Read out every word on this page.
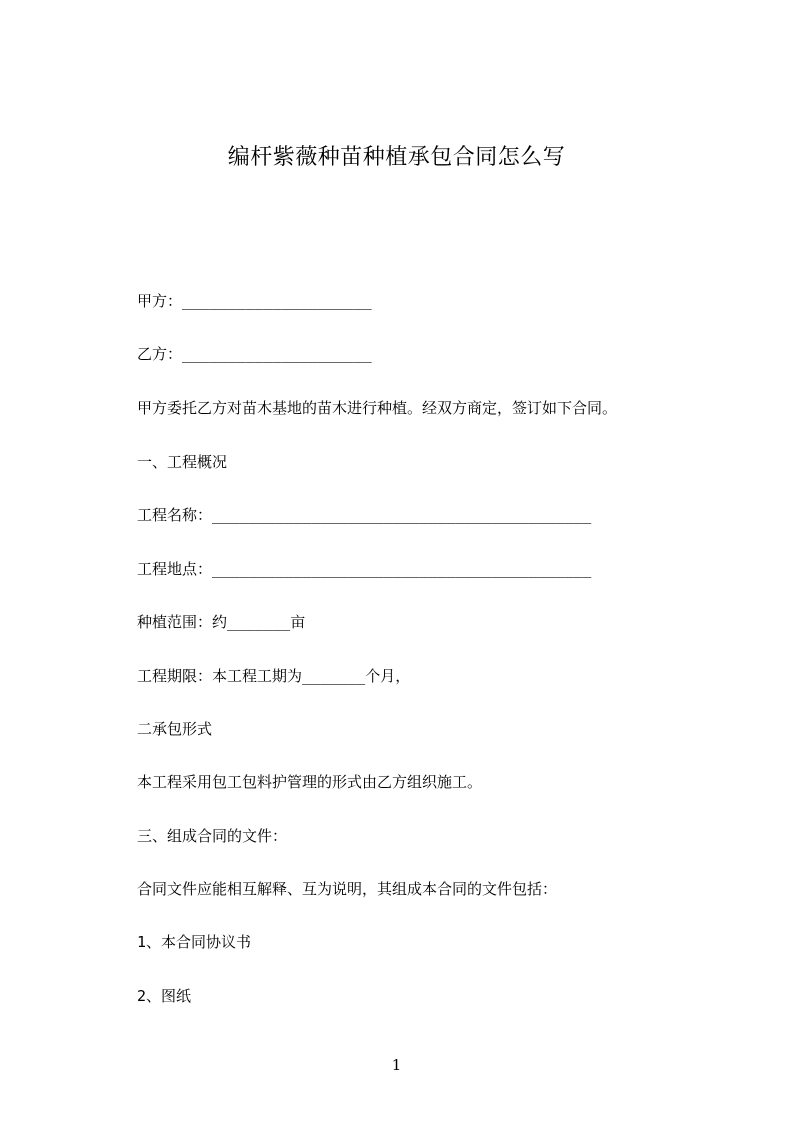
编杆紫薇种苗种植承包合同怎么写
甲方：_____________________
乙方：_____________________
甲方委托乙方对苗木基地的苗木进行种植。经双方商定，签订如下合同。
一、工程概况
工程名称：__________________________________________
工程地点：__________________________________________
种植范围：约_______亩
工程期限：本工程工期为_______个月，
二承包形式
本工程采用包工包料护管理的形式由乙方组织施工。
三、组成合同的文件：
合同文件应能相互解释、互为说明，其组成本合同的文件包括：
1、本合同协议书
2、图纸
1
